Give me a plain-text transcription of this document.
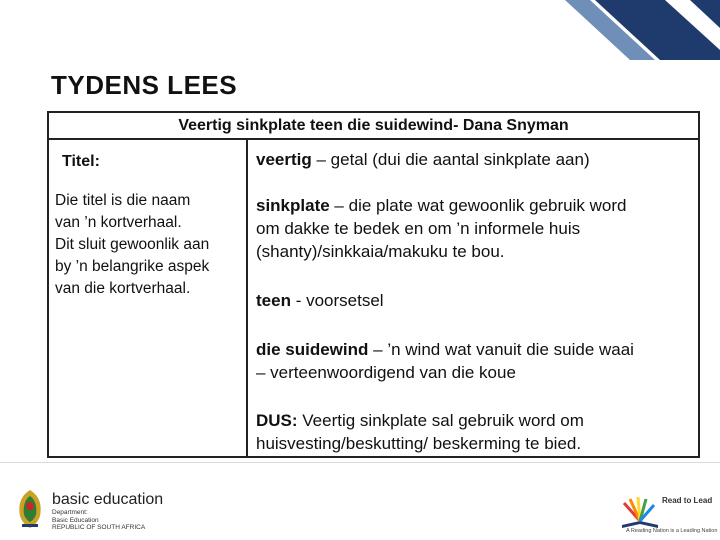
TYDENS LEES
Veertig sinkplate teen die suidewind- Dana Snyman
Titel:
Die titel is die naam
van ’n kortverhaal.
Dit sluit gewoonlik aan
by ’n belangrike aspek
van die kortverhaal.
veertig – getal (dui die aantal sinkplate aan)
sinkplate – die plate wat gewoonlik gebruik word
om dakke te bedek en om ’n informele huis
(shanty)/sinkkaia/makuku te bou.
teen - voorsetsel
die suidewind – ’n wind wat vanuit die suide waai
– verteenwoordigend van die koue
DUS: Veertig sinkplate sal gebruik word om
huisvesting/beskutting/ beskerming te bied.
basic education
Department:
Basic Education
REPUBLIC OF SOUTH AFRICA
Read to Lead
A Reading Nation is a Leading Nation
